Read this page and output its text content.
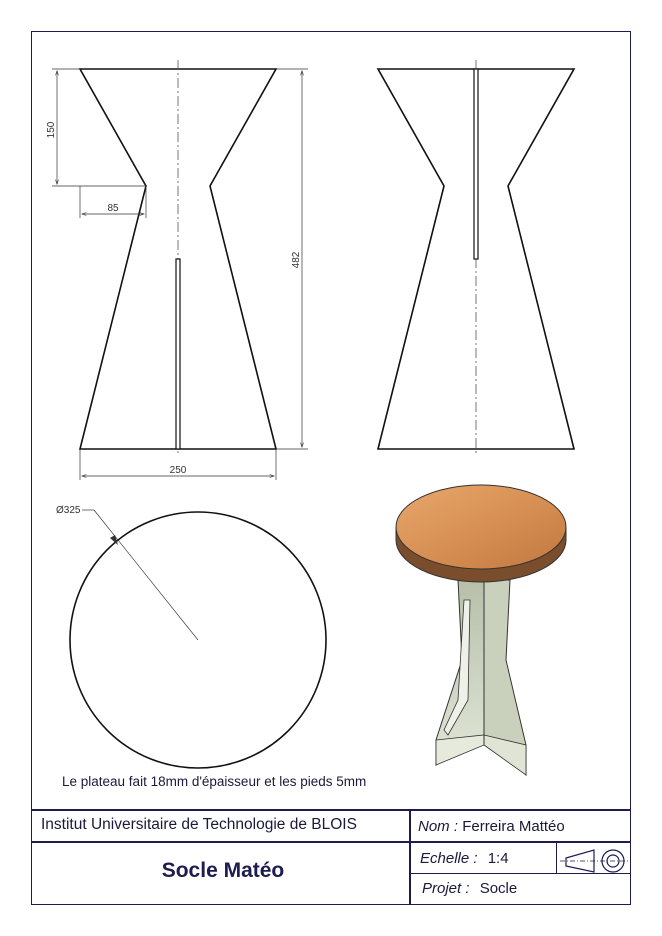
150
85
482
250
Ø325
Le plateau fait 18mm d'épaisseur et les pieds 5mm
Institut Universitaire de Technologie de BLOIS
Socle Matéo
Nom : Ferreira Mattéo
Echelle : 1:4
Projet : Socle
